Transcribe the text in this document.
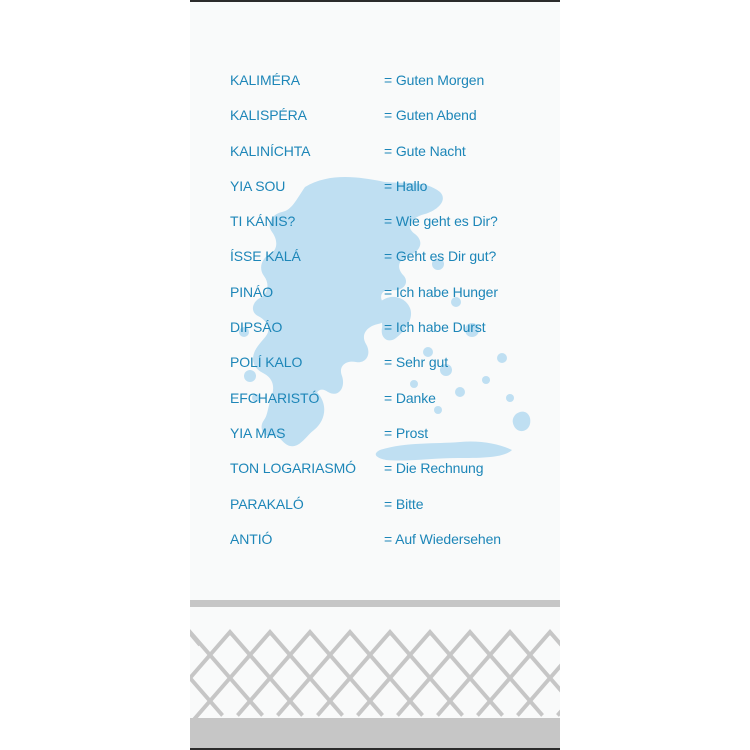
KALIMÉRA	= Guten Morgen
KALISPÉRA	= Guten Abend
KALINÍCHTA	= Gute Nacht
YIA SOU	= Hallo
TI KÁNIS?	= Wie geht es Dir?
ÍSSE KALÁ	= Geht es Dir gut?
PINÁO	= Ich habe Hunger
DIPSÁO	= Ich habe Durst
POLÍ KALO	= Sehr gut
EFCHARISTÓ	= Danke
YIA MAS	= Prost
TON LOGARIASMÓ = Die Rechnung
PARAKALÓ	= Bitte
ANTIÓ	= Auf Wiedersehen
